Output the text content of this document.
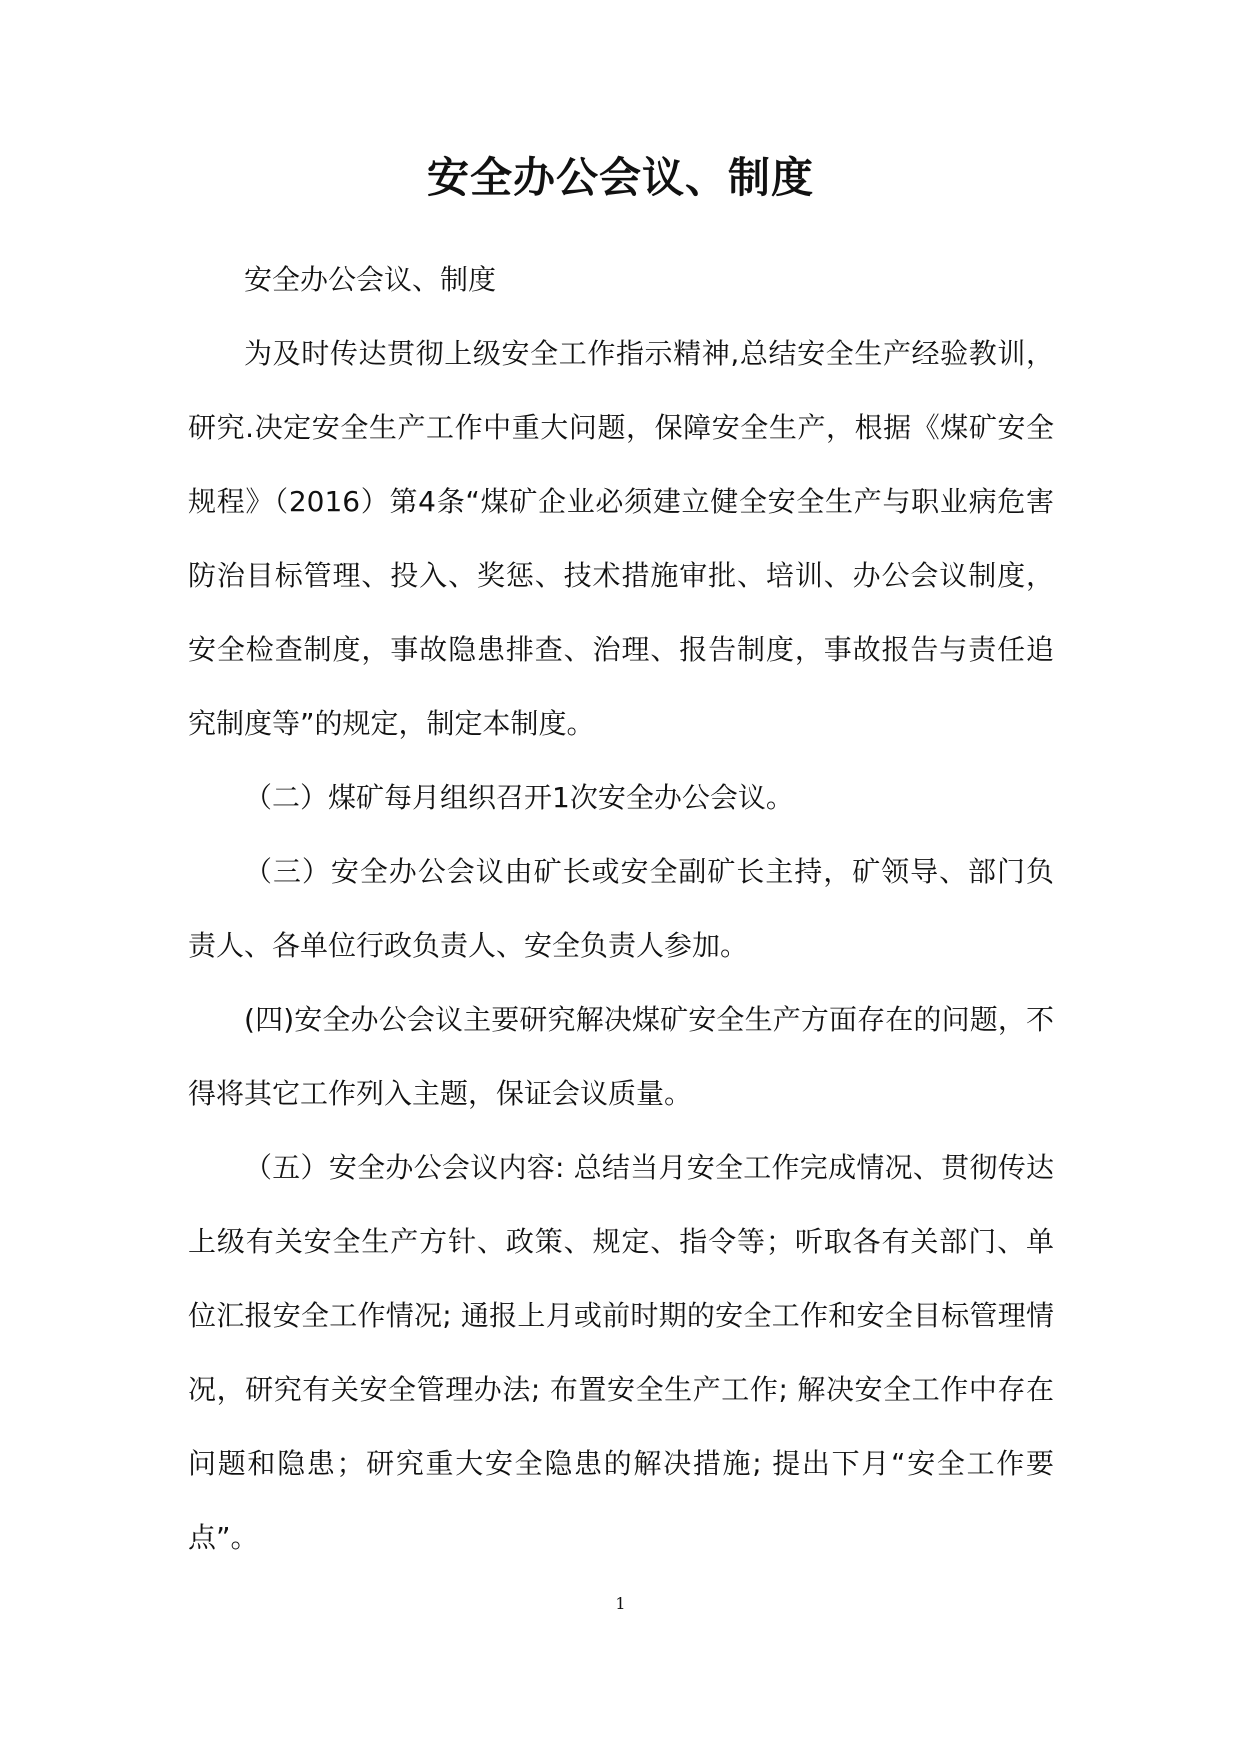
安全办公会议、制度

安全办公会议、制度

为及时传达贯彻上级安全工作指示精神,总结安全生产经验教训，研究.决定安全生产工作中重大问题，保障安全生产，根据《煤矿安全规程》（2016）第4条“煤矿企业必须建立健全安全生产与职业病危害防治目标管理、投入、奖惩、技术措施审批、培训、办公会议制度，安全检查制度，事故隐患排查、治理、报告制度，事故报告与责任追究制度等”的规定，制定本制度。

（二）煤矿每月组织召开1次安全办公会议。

（三）安全办公会议由矿长或安全副矿长主持，矿领导、部门负责人、各单位行政负责人、安全负责人参加。

(四)安全办公会议主要研究解决煤矿安全生产方面存在的问题，不得将其它工作列入主题，保证会议质量。

（五）安全办公会议内容: 总结当月安全工作完成情况、贯彻传达上级有关安全生产方针、政策、规定、指令等；听取各有关部门、单位汇报安全工作情况; 通报上月或前时期的安全工作和安全目标管理情况，研究有关安全管理办法; 布置安全生产工作; 解决安全工作中存在问题和隐患；研究重大安全隐患的解决措施; 提出下月“安全工作要点”。

1
